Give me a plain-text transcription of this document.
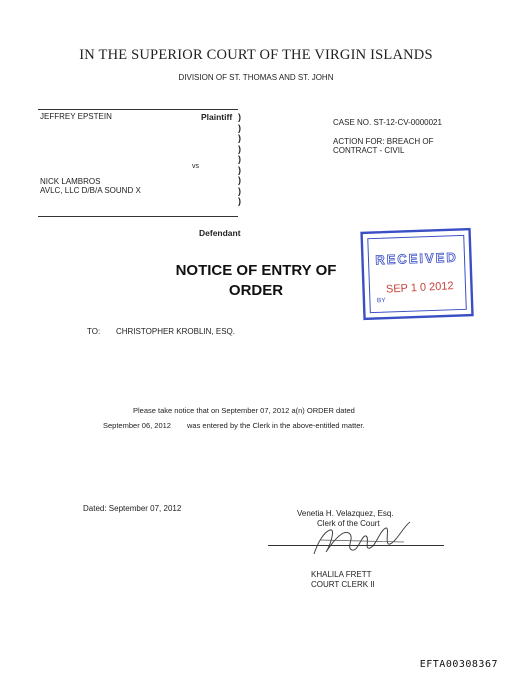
IN THE SUPERIOR COURT OF THE VIRGIN ISLANDS
DIVISION OF ST. THOMAS AND ST. JOHN
JEFFREY EPSTEIN	Plaintiff )
)
)
)
)
)
)
)
)
vs
NICK LAMBROS
AVLC, LLC D/B/A SOUND X
Defendant
CASE NO. ST-12-CV-0000021
ACTION FOR: BREACH OF
CONTRACT - CIVIL
NOTICE OF ENTRY OF
ORDER
RECEIVED
SEP 1 0 2012
BY
TO: CHRISTOPHER KROBLIN, ESQ.
Please take notice that on September 07, 2012 a(n) ORDER dated
September 06, 2012 was entered by the Clerk in the above-entitled matter.
Dated: September 07, 2012
Venetia H. Velazquez, Esq.
Clerk of the Court
KHALILA FRETT
COURT CLERK II
EFTA00308367
